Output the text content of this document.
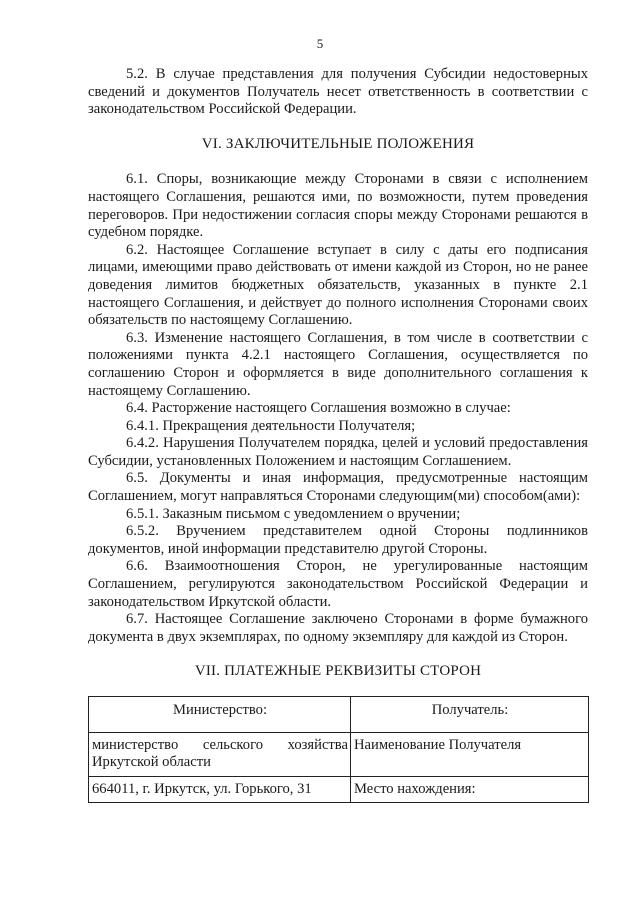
5

5.2. В случае представления для получения Субсидии недостоверных сведений и документов Получатель несет ответственность в соответствии с законодательством Российской Федерации.

VI. ЗАКЛЮЧИТЕЛЬНЫЕ ПОЛОЖЕНИЯ

6.1. Споры, возникающие между Сторонами в связи с исполнением настоящего Соглашения, решаются ими, по возможности, путем проведения переговоров. При недостижении согласия споры между Сторонами решаются в судебном порядке.

6.2. Настоящее Соглашение вступает в силу с даты его подписания лицами, имеющими право действовать от имени каждой из Сторон, но не ранее доведения лимитов бюджетных обязательств, указанных в пункте 2.1 настоящего Соглашения, и действует до полного исполнения Сторонами своих обязательств по настоящему Соглашению.

6.3. Изменение настоящего Соглашения, в том числе в соответствии с положениями пункта 4.2.1 настоящего Соглашения, осуществляется по соглашению Сторон и оформляется в виде дополнительного соглашения к настоящему Соглашению.

6.4. Расторжение настоящего Соглашения возможно в случае:

6.4.1. Прекращения деятельности Получателя;

6.4.2. Нарушения Получателем порядка, целей и условий предоставления Субсидии, установленных Положением и настоящим Соглашением.

6.5. Документы и иная информация, предусмотренные настоящим Соглашением, могут направляться Сторонами следующим(ми) способом(ами):

6.5.1. Заказным письмом с уведомлением о вручении;

6.5.2. Вручением представителем одной Стороны подлинников документов, иной информации представителю другой Стороны.

6.6. Взаимоотношения Сторон, не урегулированные настоящим Соглашением, регулируются законодательством Российской Федерации и законодательством Иркутской области.

6.7. Настоящее Соглашение заключено Сторонами в форме бумажного документа в двух экземплярах, по одному экземпляру для каждой из Сторон.

VII. ПЛАТЕЖНЫЕ РЕКВИЗИТЫ СТОРОН

Министерство:	Получатель:

министерство сельского хозяйства Иркутской области	Наименование Получателя
664011, г. Иркутск, ул. Горького, 31	Место нахождения:
